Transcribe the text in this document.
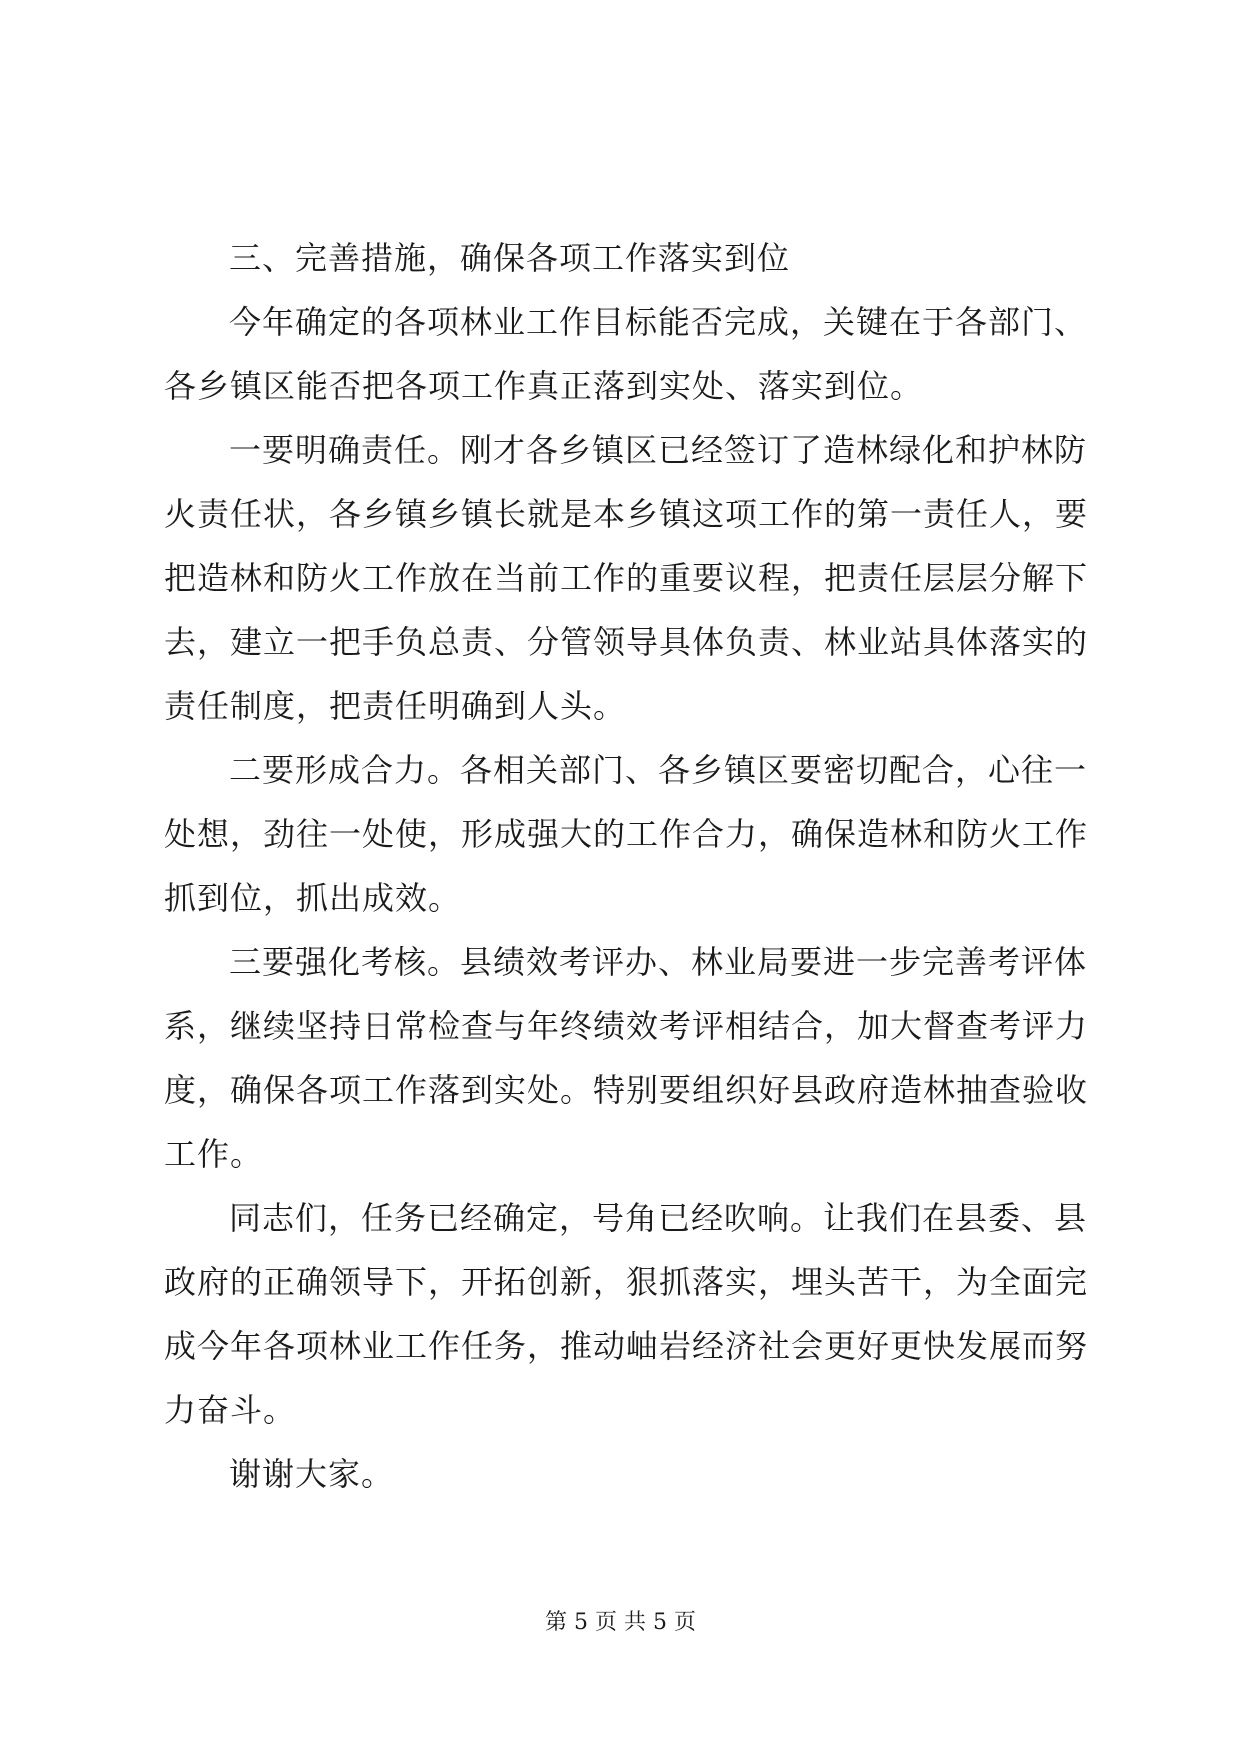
三、完善措施，确保各项工作落实到位
今年确定的各项林业工作目标能否完成，关键在于各部门、
各乡镇区能否把各项工作真正落到实处、落实到位。
一要明确责任。刚才各乡镇区已经签订了造林绿化和护林防
火责任状，各乡镇乡镇长就是本乡镇这项工作的第一责任人，要
把造林和防火工作放在当前工作的重要议程，把责任层层分解下
去，建立一把手负总责、分管领导具体负责、林业站具体落实的
责任制度，把责任明确到人头。
二要形成合力。各相关部门、各乡镇区要密切配合，心往一
处想，劲往一处使，形成强大的工作合力，确保造林和防火工作
抓到位，抓出成效。
三要强化考核。县绩效考评办、林业局要进一步完善考评体
系，继续坚持日常检查与年终绩效考评相结合，加大督查考评力
度，确保各项工作落到实处。特别要组织好县政府造林抽查验收
工作。
同志们，任务已经确定，号角已经吹响。让我们在县委、县
政府的正确领导下，开拓创新，狠抓落实，埋头苦干，为全面完
成今年各项林业工作任务，推动岫岩经济社会更好更快发展而努
力奋斗。
谢谢大家。
第 5 页 共 5 页
